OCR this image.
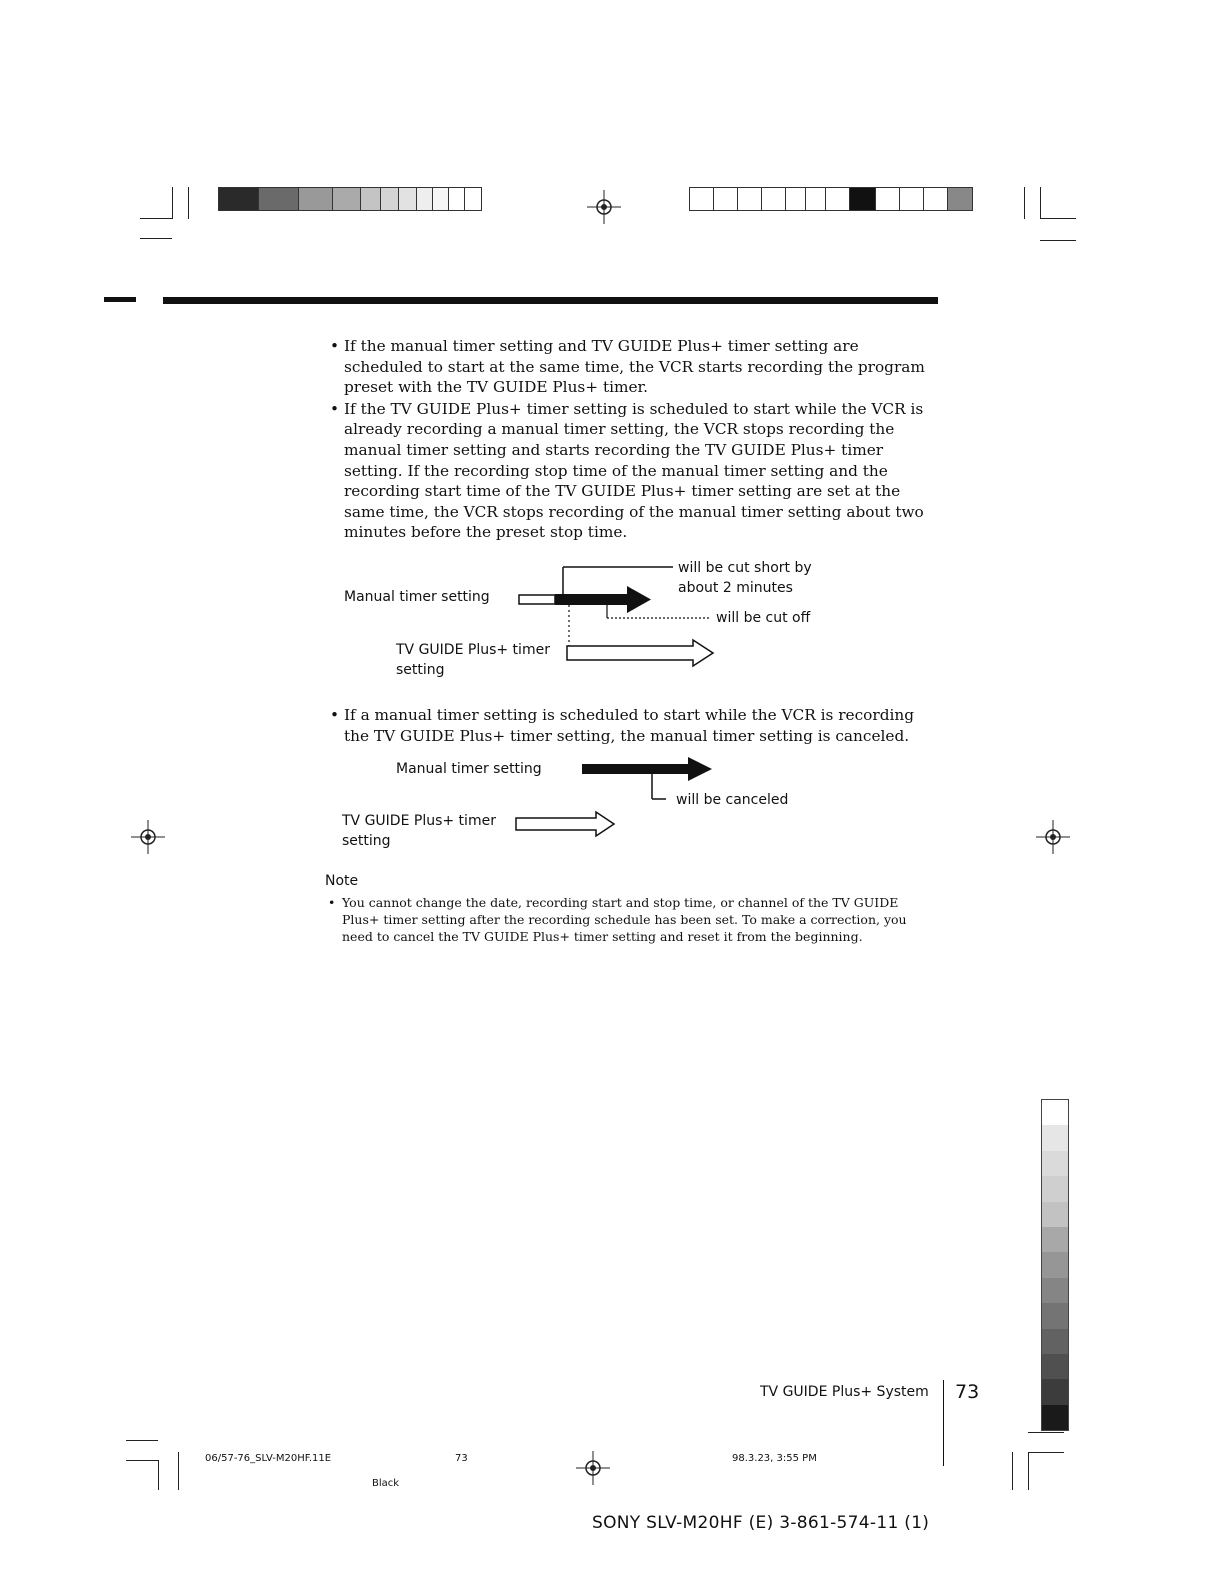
• If the manual timer setting and TV GUIDE Plus+ timer setting are scheduled to start at the same time, the VCR starts recording the program preset with the TV GUIDE Plus+ timer.
• If the TV GUIDE Plus+ timer setting is scheduled to start while the VCR is already recording a manual timer setting, the VCR stops recording the manual timer setting and starts recording the TV GUIDE Plus+ timer setting. If the recording stop time of the manual timer setting and the recording start time of the TV GUIDE Plus+ timer setting are set at the same time, the VCR stops recording of the manual timer setting about two minutes before the preset stop time.
Manual timer setting
will be cut short by
about 2 minutes
will be cut off
TV GUIDE Plus+ timer
setting
• If a manual timer setting is scheduled to start while the VCR is recording the TV GUIDE Plus+ timer setting, the manual timer setting is canceled.
Manual timer setting
will be canceled
TV GUIDE Plus+ timer
setting
Note
• You cannot change the date, recording start and stop time, or channel of the TV GUIDE Plus+ timer setting after the recording schedule has been set. To make a correction, you need to cancel the TV GUIDE Plus+ timer setting and reset it from the beginning.
TV GUIDE Plus+ System 73
06/57-76_SLV-M20HF.11E	73
Black
98.3.23, 3:55 PM
SONY SLV-M20HF (E) 3-861-574-11 (1)
